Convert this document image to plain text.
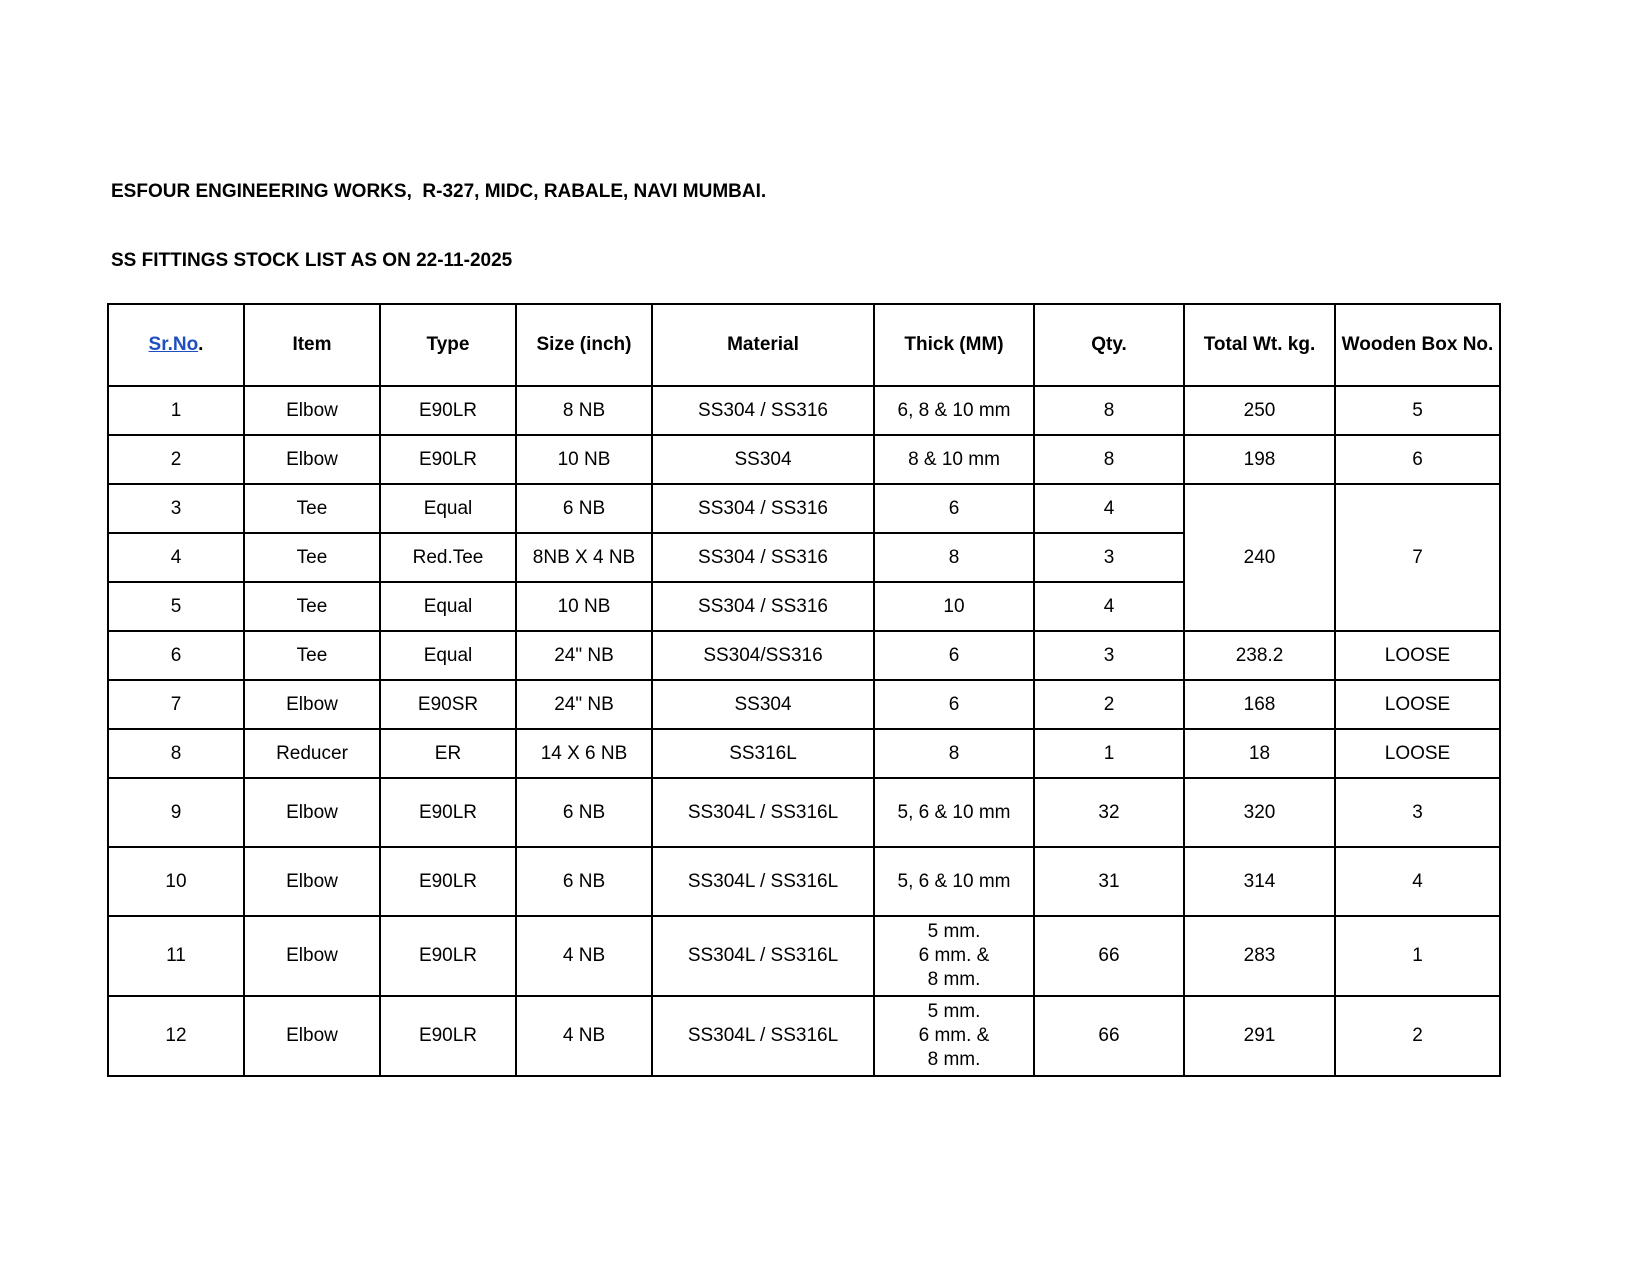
ESFOUR ENGINEERING WORKS,  R-327, MIDC, RABALE, NAVI MUMBAI.
SS FITTINGS STOCK LIST AS ON 22-11-2025
Sr.No.	Item	Type	Size (inch)	Material	Thick (MM)	Qty.	Total Wt. kg.	Wooden Box No.
1	Elbow	E90LR	8 NB	SS304 / SS316	6, 8 & 10 mm	8	250	5
2	Elbow	E90LR	10 NB	SS304	8 & 10 mm	8	198	6
3	Tee	Equal	6 NB	SS304 / SS316	6	4	240	7
4	Tee	Red.Tee	8NB X 4 NB	SS304 / SS316	8	3		
5	Tee	Equal	10 NB	SS304 / SS316	10	4		
6	Tee	Equal	24" NB	SS304/SS316	6	3	238.2	LOOSE
7	Elbow	E90SR	24" NB	SS304	6	2	168	LOOSE
8	Reducer	ER	14 X 6 NB	SS316L	8	1	18	LOOSE
9	Elbow	E90LR	6 NB	SS304L / SS316L	5, 6 & 10 mm	32	320	3
10	Elbow	E90LR	6 NB	SS304L / SS316L	5, 6 & 10 mm	31	314	4
11	Elbow	E90LR	4 NB	SS304L / SS316L	5 mm.
6 mm. &
8 mm.	66	283	1
12	Elbow	E90LR	4 NB	SS304L / SS316L	5 mm.
6 mm. &
8 mm.	66	291	2
